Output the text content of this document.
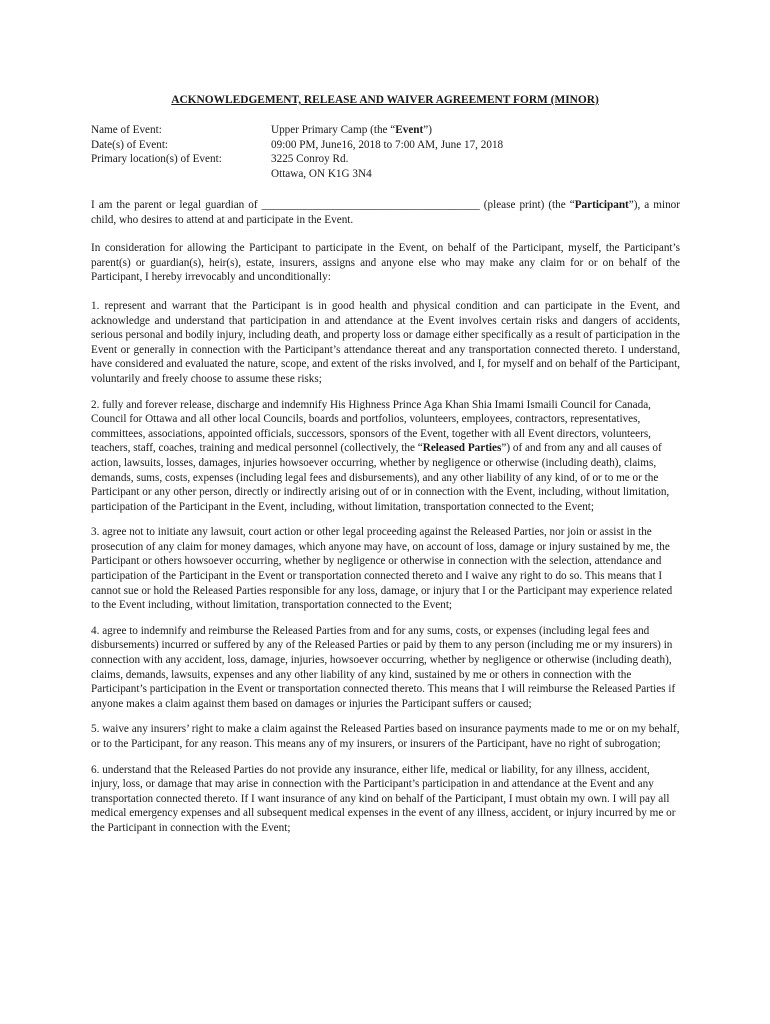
ACKNOWLEDGEMENT, RELEASE AND WAIVER AGREEMENT FORM (MINOR)
Name of Event:	Upper Primary Camp (the “Event”)
Date(s) of Event:	09:00 PM, June16, 2018 to 7:00 AM, June 17, 2018
Primary location(s) of Event:	3225 Conroy Rd.
Ottawa, ON K1G 3N4

I am the parent or legal guardian of _______________________________________ (please print) (the “Participant”), a minor child, who desires to attend at and participate in the Event.

In consideration for allowing the Participant to participate in the Event, on behalf of the Participant, myself, the Participant’s parent(s) or guardian(s), heir(s), estate, insurers, assigns and anyone else who may make any claim for or on behalf of the Participant, I hereby irrevocably and unconditionally:

1. represent and warrant that the Participant is in good health and physical condition and can participate in the Event, and acknowledge and understand that participation in and attendance at the Event involves certain risks and dangers of accidents, serious personal and bodily injury, including death, and property loss or damage either specifically as a result of participation in the Event or generally in connection with the Participant’s attendance thereat and any transportation connected thereto. I understand, have considered and evaluated the nature, scope, and extent of the risks involved, and I, for myself and on behalf of the Participant, voluntarily and freely choose to assume these risks;

2. fully and forever release, discharge and indemnify His Highness Prince Aga Khan Shia Imami Ismaili Council for Canada, Council for Ottawa and all other local Councils, boards and portfolios, volunteers, employees, contractors, representatives, committees, associations, appointed officials, successors, sponsors of the Event, together with all Event directors, volunteers, teachers, staff, coaches, training and medical personnel (collectively, the “Released Parties”) of and from any and all causes of action, lawsuits, losses, damages, injuries howsoever occurring, whether by negligence or otherwise (including death), claims, demands, sums, costs, expenses (including legal fees and disbursements), and any other liability of any kind, of or to me or the Participant or any other person, directly or indirectly arising out of or in connection with the Event, including, without limitation, participation of the Participant in the Event, including, without limitation, transportation connected to the Event;

3. agree not to initiate any lawsuit, court action or other legal proceeding against the Released Parties, nor join or assist in the prosecution of any claim for money damages, which anyone may have, on account of loss, damage or injury sustained by me, the Participant or others howsoever occurring, whether by negligence or otherwise in connection with the selection, attendance and participation of the Participant in the Event or transportation connected thereto and I waive any right to do so. This means that I cannot sue or hold the Released Parties responsible for any loss, damage, or injury that I or the Participant may experience related to the Event including, without limitation, transportation connected to the Event;

4. agree to indemnify and reimburse the Released Parties from and for any sums, costs, or expenses (including legal fees and disbursements) incurred or suffered by any of the Released Parties or paid by them to any person (including me or my insurers) in connection with any accident, loss, damage, injuries, howsoever occurring, whether by negligence or otherwise (including death), claims, demands, lawsuits, expenses and any other liability of any kind, sustained by me or others in connection with the Participant’s participation in the Event or transportation connected thereto. This means that I will reimburse the Released Parties if anyone makes a claim against them based on damages or injuries the Participant suffers or caused;

5. waive any insurers’ right to make a claim against the Released Parties based on insurance payments made to me or on my behalf, or to the Participant, for any reason. This means any of my insurers, or insurers of the Participant, have no right of subrogation;

6. understand that the Released Parties do not provide any insurance, either life, medical or liability, for any illness, accident, injury, loss, or damage that may arise in connection with the Participant’s participation in and attendance at the Event and any transportation connected thereto. If I want insurance of any kind on behalf of the Participant, I must obtain my own. I will pay all medical emergency expenses and all subsequent medical expenses in the event of any illness, accident, or injury incurred by me or the Participant in connection with the Event;
